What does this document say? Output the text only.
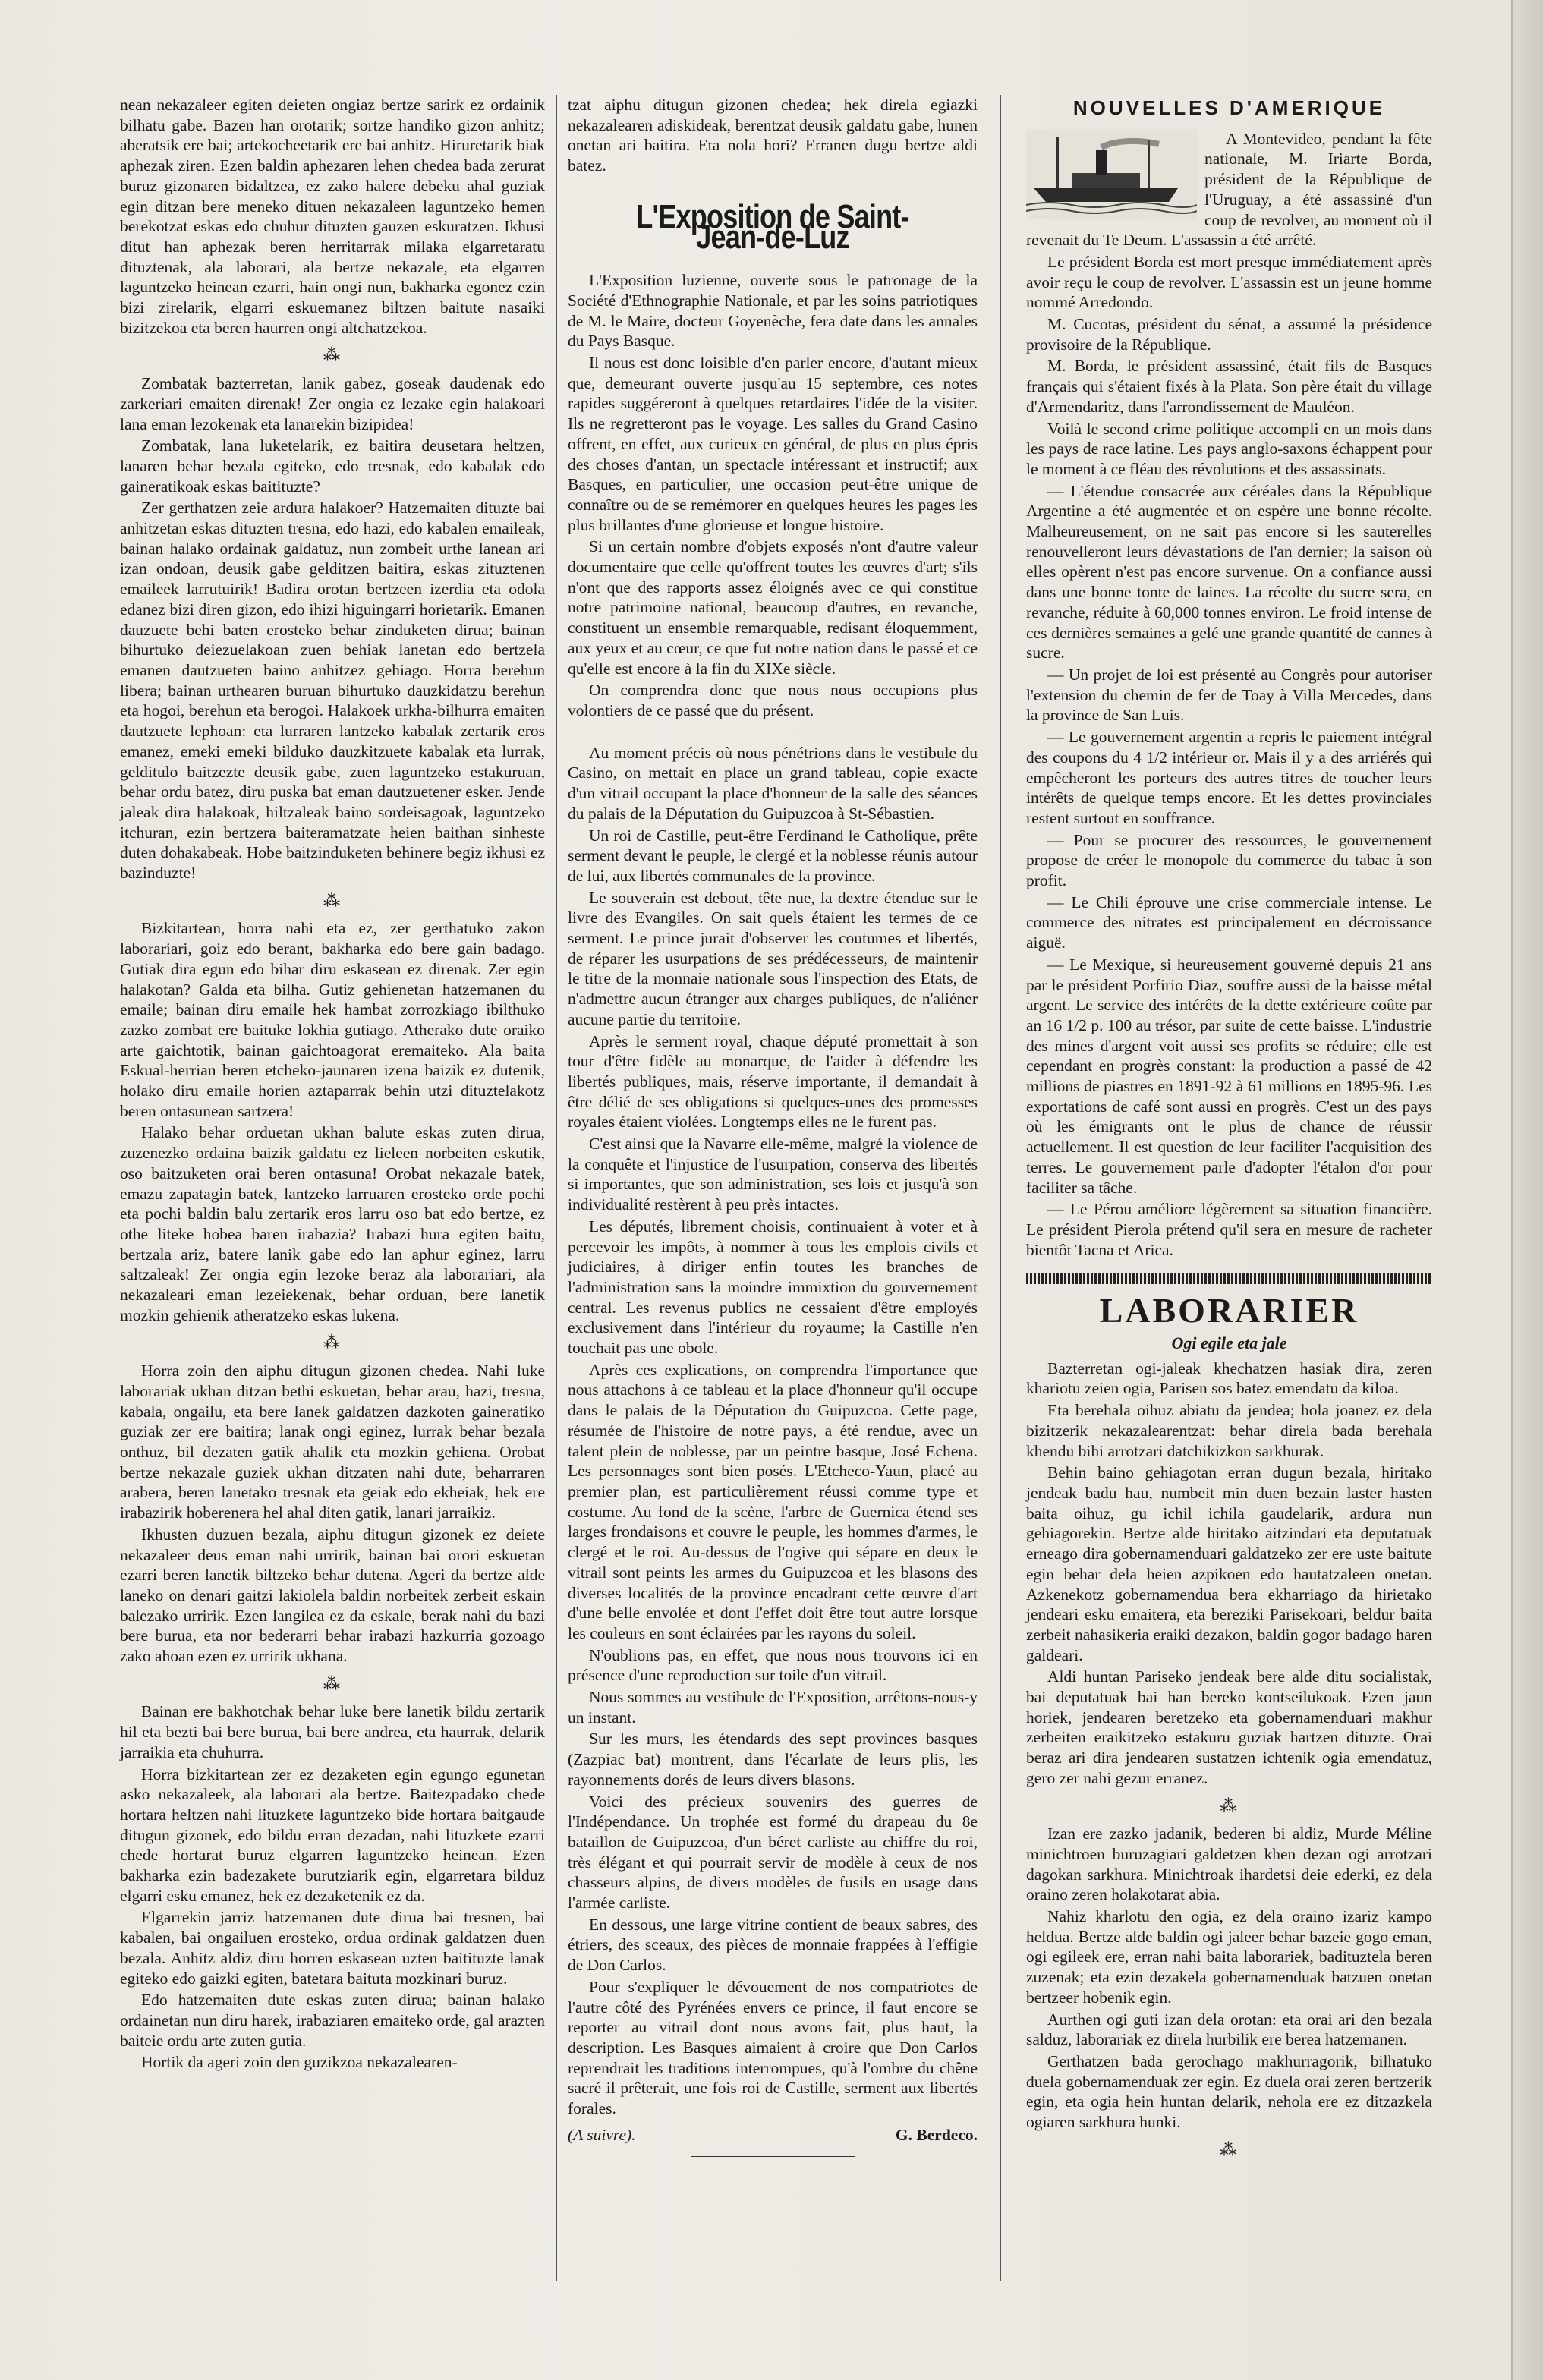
nean nekazaleer egiten deieten ongiaz bertze sarirk ez ordainik bilhatu gabe. Bazen han orotarik; sortze handiko gizon anhitz; aberatsik ere bai; artekocheetarik ere bai anhitz. Hiruretarik biak aphezak ziren. Ezen baldin aphezaren lehen chedea bada zerurat buruz gizonaren bidaltzea, ez zako halere debeku ahal guziak egin ditzan bere meneko dituen nekazaleen laguntzeko hemen berekotzat eskas edo chuhur dituzten gauzen eskuratzen. Ikhusi ditut han aphezak beren herritarrak milaka elgarretaratu dituztenak, ala laborari, ala bertze nekazale, eta elgarren laguntzeko heinean ezarri, hain ongi nun, bakharka egonez ezin bizi zirelarik, elgarri eskuemanez biltzen baitute nasaiki bizitzekoa eta beren haurren ongi altchatzekoa.

⁂

Zombatak bazterretan, lanik gabez, goseak daudenak edo zarkeriari emaiten direnak! Zer ongia ez lezake egin halakoari lana eman lezokenak eta lanarekin bizipidea!

Zombatak, lana luketelarik, ez baitira deusetara heltzen, lanaren behar bezala egiteko, edo tresnak, edo kabalak edo gaineratikoak eskas baitituzte?

Zer gerthatzen zeie ardura halakoer? Hatzemaiten dituzte bai anhitzetan eskas dituzten tresna, edo hazi, edo kabalen emaileak, bainan halako ordainak galdatuz, nun zombeit urthe lanean ari izan ondoan, deusik gabe gelditzen baitira, eskas zituztenen emaileek larrutuirik! Badira orotan bertzeen izerdia eta odola edanez bizi diren gizon, edo ihizi higuingarri horietarik. Emanen dauzuete behi baten erosteko behar zinduketen dirua; bainan bihurtuko deiezuelakoan zuen behiak lanetan edo bertzela emanen dautzueten baino anhitzez gehiago. Horra berehun libera; bainan urthearen buruan bihurtuko dauzkidatzu berehun eta hogoi, berehun eta berogoi. Halakoek urkha-bilhurra emaiten dautzuete lephoan: eta lurraren lantzeko kabalak zertarik eros emanez, emeki emeki bilduko dauzkitzuete kabalak eta lurrak, gelditulo baitzezte deusik gabe, zuen laguntzeko estakuruan, behar ordu batez, diru puska bat eman dautzuetener esker. Jende jaleak dira halakoak, hiltzaleak baino sordeisagoak, laguntzeko itchuran, ezin bertzera baiteramatzate heien baithan sinheste duten dohakabeak. Hobe baitzinduketen behinere begiz ikhusi ez bazinduzte!

⁂

Bizkitartean, horra nahi eta ez, zer gerthatuko zakon laborariari, goiz edo berant, bakharka edo bere gain badago. Gutiak dira egun edo bihar diru eskasean ez direnak. Zer egin halakotan? Galda eta bilha. Gutiz gehienetan hatzemanen du emaile; bainan diru emaile hek hambat zorrozkiago ibilthuko zazko zombat ere baituke lokhia gutiago. Atherako dute oraiko arte gaichtotik, bainan gaichtoagorat eremaiteko. Ala baita Eskual-herrian beren etcheko-jaunaren izena baizik ez dutenik, holako diru emaile horien aztaparrak behin utzi dituztelakotz beren ontasunean sartzera!

Halako behar orduetan ukhan balute eskas zuten dirua, zuzenezko ordaina baizik galdatu ez lieleen norbeiten eskutik, oso baitzuketen orai beren ontasuna! Orobat nekazale batek, emazu zapatagin batek, lantzeko larruaren erosteko orde pochi eta pochi baldin balu zertarik eros larru oso bat edo bertze, ez othe liteke hobea baren irabazia? Irabazi hura egiten baitu, bertzala ariz, batere lanik gabe edo lan aphur eginez, larru saltzaleak! Zer ongia egin lezoke beraz ala laborariari, ala nekazaleari eman lezeiekenak, behar orduan, bere lanetik mozkin gehienik atheratzeko eskas lukena.

⁂

Horra zoin den aiphu ditugun gizonen chedea. Nahi luke laborariak ukhan ditzan bethi eskuetan, behar arau, hazi, tresna, kabala, ongailu, eta bere lanek galdatzen dazkoten gaineratiko guziak zer ere baitira; lanak ongi eginez, lurrak behar bezala onthuz, bil dezaten gatik ahalik eta mozkin gehiena. Orobat bertze nekazale guziek ukhan ditzaten nahi dute, beharraren arabera, beren lanetako tresnak eta geiak edo ekheiak, hek ere irabazirik hoberenera hel ahal diten gatik, lanari jarraikiz.

Ikhusten duzuen bezala, aiphu ditugun gizonek ez deiete nekazaleer deus eman nahi urririk, bainan bai orori eskuetan ezarri beren lanetik biltzeko behar dutena. Ageri da bertze alde laneko on denari gaitzi lakiolela baldin norbeitek zerbeit eskain balezako urririk. Ezen langilea ez da eskale, berak nahi du bazi bere burua, eta nor bederarri behar irabazi hazkurria gozoago zako ahoan ezen ez urririk ukhana.

⁂

Bainan ere bakhotchak behar luke bere lanetik bildu zertarik hil eta bezti bai bere burua, bai bere andrea, eta haurrak, delarik jarraikia eta chuhurra.

Horra bizkitartean zer ez dezaketen egin egungo egunetan asko nekazaleek, ala laborari ala bertze. Baitezpadako chede hortara heltzen nahi lituzkete laguntzeko bide hortara baitgaude ditugun gizonek, edo bildu erran dezadan, nahi lituzkete ezarri chede hortarat buruz elgarren laguntzeko heinean. Ezen bakharka ezin badezakete burutziarik egin, elgarretara bilduz elgarri esku emanez, hek ez dezaketenik ez da.

Elgarrekin jarriz hatzemanen dute dirua bai tresnen, bai kabalen, bai ongailuen erosteko, ordua ordinak galdatzen duen bezala. Anhitz aldiz diru horren eskasean uzten baitituzte lanak egiteko edo gaizki egiten, batetara baituta mozkinari buruz.

Edo hatzemaiten dute eskas zuten dirua; bainan halako ordainetan nun diru harek, irabaziaren emaiteko orde, gal arazten baiteie ordu arte zuten gutia.

Hortik da ageri zoin den guzikzoa nekazalearen-

tzat aiphu ditugun gizonen chedea; hek direla egiazki nekazalearen adiskideak, berentzat deusik galdatu gabe, hunen onetan ari baitira. Eta nola hori? Erranen dugu bertze aldi batez.

L'Exposition de Saint-Jean-de-Luz

L'Exposition luzienne, ouverte sous le patronage de la Société d'Ethnographie Nationale, et par les soins patriotiques de M. le Maire, docteur Goyenèche, fera date dans les annales du Pays Basque.

Il nous est donc loisible d'en parler encore, d'autant mieux que, demeurant ouverte jusqu'au 15 septembre, ces notes rapides suggéreront à quelques retardaires l'idée de la visiter. Ils ne regretteront pas le voyage. Les salles du Grand Casino offrent, en effet, aux curieux en général, de plus en plus épris des choses d'antan, un spectacle intéressant et instructif; aux Basques, en particulier, une occasion peut-être unique de connaître ou de se remémorer en quelques heures les pages les plus brillantes d'une glorieuse et longue histoire.

Si un certain nombre d'objets exposés n'ont d'autre valeur documentaire que celle qu'offrent toutes les œuvres d'art; s'ils n'ont que des rapports assez éloignés avec ce qui constitue notre patrimoine national, beaucoup d'autres, en revanche, constituent un ensemble remarquable, redisant éloquemment, aux yeux et au cœur, ce que fut notre nation dans le passé et ce qu'elle est encore à la fin du XIXe siècle.

On comprendra donc que nous nous occupions plus volontiers de ce passé que du présent.

Au moment précis où nous pénétrions dans le vestibule du Casino, on mettait en place un grand tableau, copie exacte d'un vitrail occupant la place d'honneur de la salle des séances du palais de la Députation du Guipuzcoa à St-Sébastien.

Un roi de Castille, peut-être Ferdinand le Catholique, prête serment devant le peuple, le clergé et la noblesse réunis autour de lui, aux libertés communales de la province.

Le souverain est debout, tête nue, la dextre étendue sur le livre des Evangiles. On sait quels étaient les termes de ce serment. Le prince jurait d'observer les coutumes et libertés, de réparer les usurpations de ses prédécesseurs, de maintenir le titre de la monnaie nationale sous l'inspection des Etats, de n'admettre aucun étranger aux charges publiques, de n'aliéner aucune partie du territoire.

Après le serment royal, chaque député promettait à son tour d'être fidèle au monarque, de l'aider à défendre les libertés publiques, mais, réserve importante, il demandait à être délié de ses obligations si quelques-unes des promesses royales étaient violées. Longtemps elles ne le furent pas.

C'est ainsi que la Navarre elle-même, malgré la violence de la conquête et l'injustice de l'usurpation, conserva des libertés si importantes, que son administration, ses lois et jusqu'à son individualité restèrent à peu près intactes.

Les députés, librement choisis, continuaient à voter et à percevoir les impôts, à nommer à tous les emplois civils et judiciaires, à diriger enfin toutes les branches de l'administration sans la moindre immixtion du gouvernement central. Les revenus publics ne cessaient d'être employés exclusivement dans l'intérieur du royaume; la Castille n'en touchait pas une obole.

Après ces explications, on comprendra l'importance que nous attachons à ce tableau et la place d'honneur qu'il occupe dans le palais de la Députation du Guipuzcoa. Cette page, résumée de l'histoire de notre pays, a été rendue, avec un talent plein de noblesse, par un peintre basque, José Echena. Les personnages sont bien posés. L'Etcheco-Yaun, placé au premier plan, est particulièrement réussi comme type et costume. Au fond de la scène, l'arbre de Guernica étend ses larges frondaisons et couvre le peuple, les hommes d'armes, le clergé et le roi. Au-dessus de l'ogive qui sépare en deux le vitrail sont peints les armes du Guipuzcoa et les blasons des diverses localités de la province encadrant cette œuvre d'art d'une belle envolée et dont l'effet doit être tout autre lorsque les couleurs en sont éclairées par les rayons du soleil.

N'oublions pas, en effet, que nous nous trouvons ici en présence d'une reproduction sur toile d'un vitrail.

Nous sommes au vestibule de l'Exposition, arrêtons-nous-y un instant.

Sur les murs, les étendards des sept provinces basques (Zazpiac bat) montrent, dans l'écarlate de leurs plis, les rayonnements dorés de leurs divers blasons.

Voici des précieux souvenirs des guerres de l'Indépendance. Un trophée est formé du drapeau du 8e bataillon de Guipuzcoa, d'un béret carliste au chiffre du roi, très élégant et qui pourrait servir de modèle à ceux de nos chasseurs alpins, de divers modèles de fusils en usage dans l'armée carliste.

En dessous, une large vitrine contient de beaux sabres, des étriers, des sceaux, des pièces de monnaie frappées à l'effigie de Don Carlos.

Pour s'expliquer le dévouement de nos compatriotes de l'autre côté des Pyrénées envers ce prince, il faut encore se reporter au vitrail dont nous avons fait, plus haut, la description. Les Basques aimaient à croire que Don Carlos reprendrait les traditions interrompues, qu'à l'ombre du chêne sacré il prêterait, une fois roi de Castille, serment aux libertés forales.

(A suivre).	G. Berdeco.
NOUVELLES D'AMERIQUE

A Montevideo, pendant la fête nationale, M. Iriarte Borda, président de la République de l'Uruguay, a été assassiné d'un coup de revolver, au moment où il revenait du Te Deum. L'assassin a été arrêté.

Le président Borda est mort presque immédiatement après avoir reçu le coup de revolver. L'assassin est un jeune homme nommé Arredondo.

M. Cucotas, président du sénat, a assumé la présidence provisoire de la République.

M. Borda, le président assassiné, était fils de Basques français qui s'étaient fixés à la Plata. Son père était du village d'Armendaritz, dans l'arrondissement de Mauléon.

Voilà le second crime politique accompli en un mois dans les pays de race latine. Les pays anglo-saxons échappent pour le moment à ce fléau des révolutions et des assassinats.

— L'étendue consacrée aux céréales dans la République Argentine a été augmentée et on espère une bonne récolte. Malheureusement, on ne sait pas encore si les sauterelles renouvelleront leurs dévastations de l'an dernier; la saison où elles opèrent n'est pas encore survenue. On a confiance aussi dans une bonne tonte de laines. La récolte du sucre sera, en revanche, réduite à 60,000 tonnes environ. Le froid intense de ces dernières semaines a gelé une grande quantité de cannes à sucre.

— Un projet de loi est présenté au Congrès pour autoriser l'extension du chemin de fer de Toay à Villa Mercedes, dans la province de San Luis.

— Le gouvernement argentin a repris le paiement intégral des coupons du 4 1/2 intérieur or. Mais il y a des arriérés qui empêcheront les porteurs des autres titres de toucher leurs intérêts de quelque temps encore. Et les dettes provinciales restent surtout en souffrance.

— Pour se procurer des ressources, le gouvernement propose de créer le monopole du commerce du tabac à son profit.

— Le Chili éprouve une crise commerciale intense. Le commerce des nitrates est principalement en décroissance aiguë.

— Le Mexique, si heureusement gouverné depuis 21 ans par le président Porfirio Diaz, souffre aussi de la baisse métal argent. Le service des intérêts de la dette extérieure coûte par an 16 1/2 p. 100 au trésor, par suite de cette baisse. L'industrie des mines d'argent voit aussi ses profits se réduire; elle est cependant en progrès constant: la production a passé de 42 millions de piastres en 1891-92 à 61 millions en 1895-96. Les exportations de café sont aussi en progrès. C'est un des pays où les émigrants ont le plus de chance de réussir actuellement. Il est question de leur faciliter l'acquisition des terres. Le gouvernement parle d'adopter l'étalon d'or pour faciliter sa tâche.

— Le Pérou améliore légèrement sa situation financière. Le président Pierola prétend qu'il sera en mesure de racheter bientôt Tacna et Arica.

LABORARIER
Ogi egile eta jale

Bazterretan ogi-jaleak khechatzen hasiak dira, zeren khariotu zeien ogia, Parisen sos batez emendatu da kiloa.

Eta berehala oihuz abiatu da jendea; hola joanez ez dela bizitzerik nekazalearentzat: behar direla bada berehala khendu bihi arrotzari datchikizkon sarkhurak.

Behin baino gehiagotan erran dugun bezala, hiritako jendeak badu hau, numbeit min duen bezain laster hasten baita oihuz, gu ichil ichila gaudelarik, ardura nun gehiagorekin. Bertze alde hiritako aitzindari eta deputatuak erneago dira gobernamenduari galdatzeko zer ere uste baitute egin behar dela heien azpikoen edo hautatzaleen onetan. Azkenekotz gobernamendua bera ekharriago da hirietako jendeari esku emaitera, eta bereziki Parisekoari, beldur baita zerbeit nahasikeria eraiki dezakon, baldin gogor badago haren galdeari.

Aldi huntan Pariseko jendeak bere alde ditu socialistak, bai deputatuak bai han bereko kontseilukoak. Ezen jaun horiek, jendearen beretzeko eta gobernamenduari makhur zerbeiten eraikitzeko estakuru guziak hartzen dituzte. Orai beraz ari dira jendearen sustatzen ichtenik ogia emendatuz, gero zer nahi gezur erranez.

⁂

Izan ere zazko jadanik, bederen bi aldiz, Murde Méline minichtroen buruzagiari galdetzen khen dezan ogi arrotzari dagokan sarkhura. Minichtroak ihardetsi deie ederki, ez dela oraino zeren holakotarat abia.

Nahiz kharlotu den ogia, ez dela oraino izariz kampo heldua. Bertze alde baldin ogi jaleer behar bazeie gogo eman, ogi egileek ere, erran nahi baita laborariek, badituztela beren zuzenak; eta ezin dezakela gobernamenduak batzuen onetan bertzeer hobenik egin.

Aurthen ogi guti izan dela orotan: eta orai ari den bezala salduz, laborariak ez direla hurbilik ere berea hatzemanen.

Gerthatzen bada gerochago makhurragorik, bilhatuko duela gobernamenduak zer egin. Ez duela orai zeren bertzerik egin, eta ogia hein huntan delarik, nehola ere ez ditzazkela ogiaren sarkhura hunki.

⁂
